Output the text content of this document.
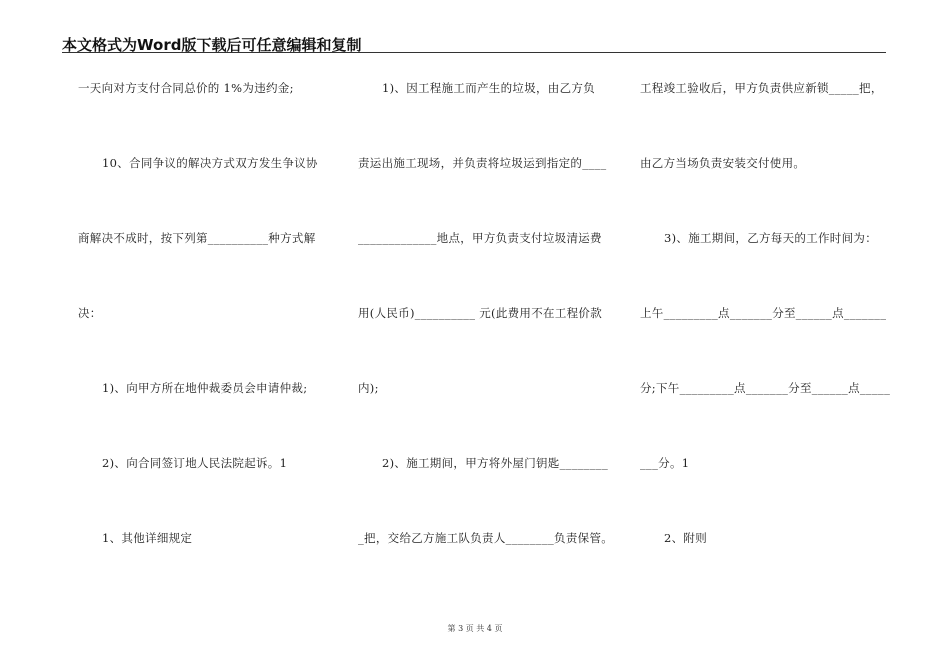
本文格式为Word版下载后可任意编辑和复制
一天向对方支付合同总价的 1%为违约金;
10、合同争议的解决方式双方发生争议协
商解决不成时，按下列第__________种方式解
决：
1)、向甲方所在地仲裁委员会申请仲裁;
2)、向合同签订地人民法院起诉。1
1、其他详细规定
1)、因工程施工而产生的垃圾，由乙方负
责运出施工现场，并负责将垃圾运到指定的____
_____________地点，甲方负责支付垃圾清运费
用(人民币)__________ 元(此费用不在工程价款
内);
2)、施工期间，甲方将外屋门钥匙________
_把，交给乙方施工队负责人________负责保管。
工程竣工验收后，甲方负责供应新锁_____把，
由乙方当场负责安装交付使用。
3)、施工期间，乙方每天的工作时间为：
上午_________点_______分至______点_______
分;下午_________点_______分至______点_____
___分。1
2、附则
第 3 页 共 4 页
